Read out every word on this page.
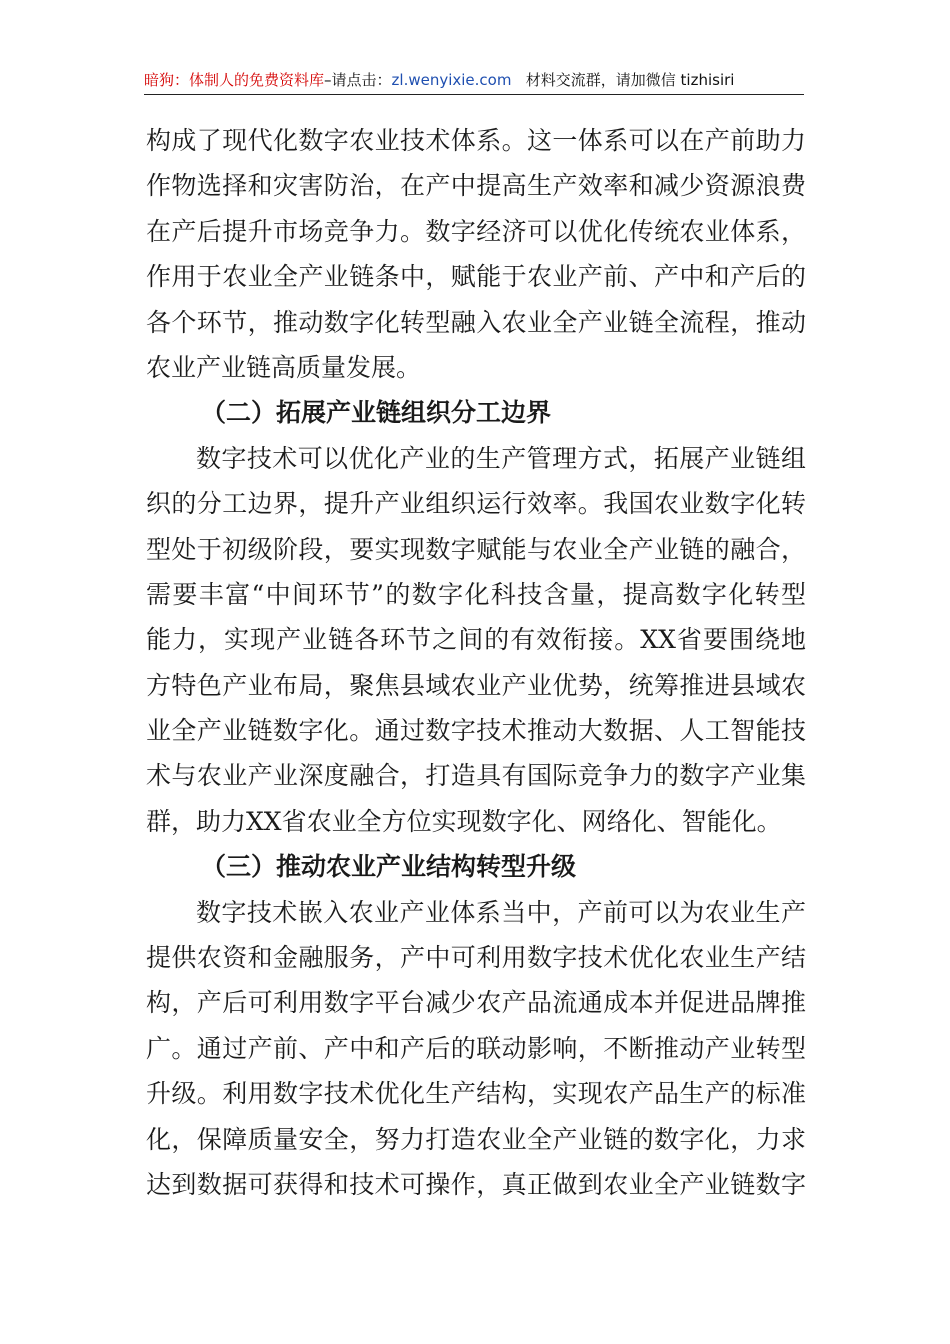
暗狗：体制人的免费资料库–请点击：zl.wenyixie.com 材料交流群，请加微信 tizhisiri
构成了现代化数字农业技术体系。这一体系可以在产前助力
作物选择和灾害防治，在产中提高生产效率和减少资源浪费
在产后提升市场竞争力。数字经济可以优化传统农业体系，
作用于农业全产业链条中，赋能于农业产前、产中和产后的
各个环节，推动数字化转型融入农业全产业链全流程，推动
农业产业链高质量发展。
（二）拓展产业链组织分工边界
数字技术可以优化产业的生产管理方式，拓展产业链组
织的分工边界，提升产业组织运行效率。我国农业数字化转
型处于初级阶段，要实现数字赋能与农业全产业链的融合，
需要丰富“中间环节”的数字化科技含量，提高数字化转型
能力，实现产业链各环节之间的有效衔接。XX省要围绕地
方特色产业布局，聚焦县域农业产业优势，统筹推进县域农
业全产业链数字化。通过数字技术推动大数据、人工智能技
术与农业产业深度融合，打造具有国际竞争力的数字产业集
群，助力XX省农业全方位实现数字化、网络化、智能化。
（三）推动农业产业结构转型升级
数字技术嵌入农业产业体系当中，产前可以为农业生产
提供农资和金融服务，产中可利用数字技术优化农业生产结
构，产后可利用数字平台减少农产品流通成本并促进品牌推
广。通过产前、产中和产后的联动影响，不断推动产业转型
升级。利用数字技术优化生产结构，实现农产品生产的标准
化，保障质量安全，努力打造农业全产业链的数字化，力求
达到数据可获得和技术可操作，真正做到农业全产业链数字
